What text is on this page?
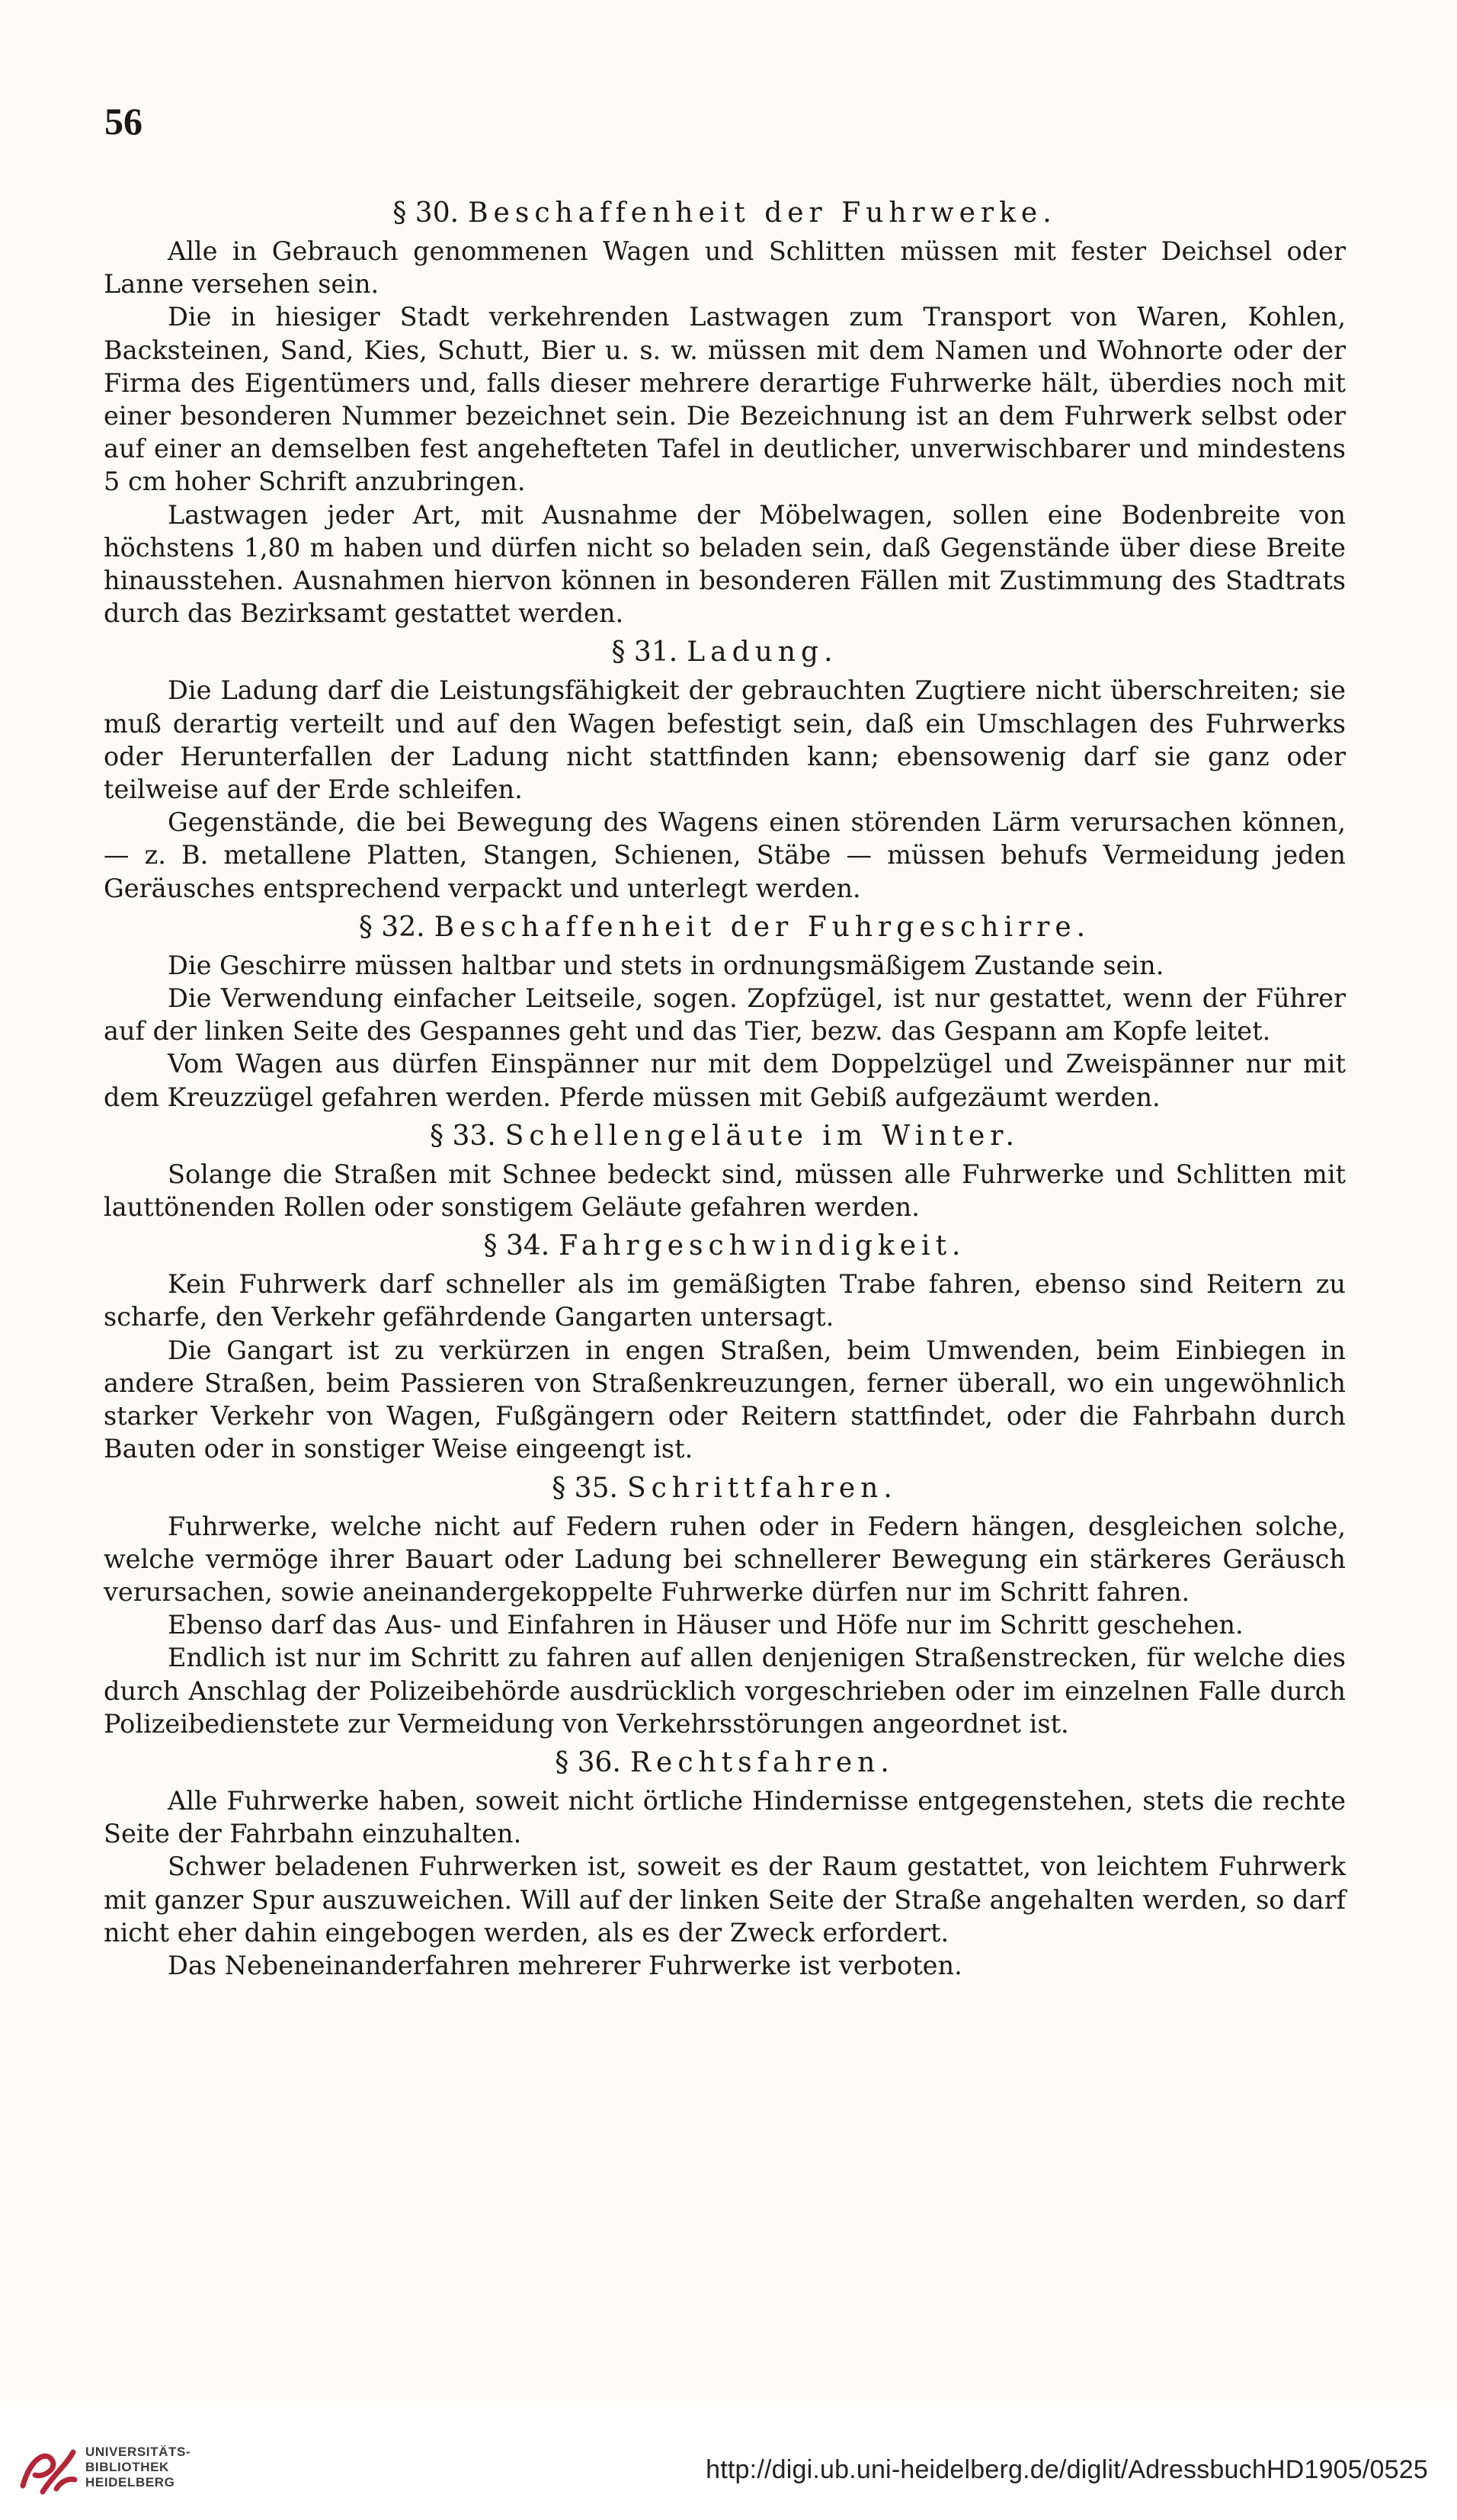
56
§ 30. Beschaffenheit der Fuhrwerke.

Alle in Gebrauch genommenen Wagen und Schlitten müssen mit fester Deichsel oder Lanne versehen sein.

Die in hiesiger Stadt verkehrenden Lastwagen zum Transport von Waren, Kohlen, Backsteinen, Sand, Kies, Schutt, Bier u. s. w. müssen mit dem Namen und Wohnorte oder der Firma des Eigentümers und, falls dieser mehrere derartige Fuhrwerke hält, überdies noch mit einer besonderen Nummer bezeichnet sein. Die Bezeichnung ist an dem Fuhrwerk selbst oder auf einer an demselben fest angehefteten Tafel in deutlicher, unverwischbarer und mindestens 5 cm hoher Schrift anzubringen.

Lastwagen jeder Art, mit Ausnahme der Möbelwagen, sollen eine Bodenbreite von höchstens 1,80 m haben und dürfen nicht so beladen sein, daß Gegenstände über diese Breite hinausstehen. Ausnahmen hiervon können in besonderen Fällen mit Zustimmung des Stadtrats durch das Bezirksamt gestattet werden.

§ 31. Ladung.

Die Ladung darf die Leistungsfähigkeit der gebrauchten Zugtiere nicht überschreiten; sie muß derartig verteilt und auf den Wagen befestigt sein, daß ein Umschlagen des Fuhrwerks oder Herunterfallen der Ladung nicht stattfinden kann; ebensowenig darf sie ganz oder teilweise auf der Erde schleifen.

Gegenstände, die bei Bewegung des Wagens einen störenden Lärm verursachen können, — z. B. metallene Platten, Stangen, Schienen, Stäbe — müssen behufs Vermeidung jeden Geräusches entsprechend verpackt und unterlegt werden.

§ 32. Beschaffenheit der Fuhrgeschirre.

Die Geschirre müssen haltbar und stets in ordnungsmäßigem Zustande sein.

Die Verwendung einfacher Leitseile, sogen. Zopfzügel, ist nur gestattet, wenn der Führer auf der linken Seite des Gespannes geht und das Tier, bezw. das Gespann am Kopfe leitet.

Vom Wagen aus dürfen Einspänner nur mit dem Doppelzügel und Zweispänner nur mit dem Kreuzzügel gefahren werden. Pferde müssen mit Gebiß aufgezäumt werden.

§ 33. Schellengeläute im Winter.

Solange die Straßen mit Schnee bedeckt sind, müssen alle Fuhrwerke und Schlitten mit lauttönenden Rollen oder sonstigem Geläute gefahren werden.

§ 34. Fahrgeschwindigkeit.

Kein Fuhrwerk darf schneller als im gemäßigten Trabe fahren, ebenso sind Reitern zu scharfe, den Verkehr gefährdende Gangarten untersagt.

Die Gangart ist zu verkürzen in engen Straßen, beim Umwenden, beim Einbiegen in andere Straßen, beim Passieren von Straßenkreuzungen, ferner überall, wo ein ungewöhnlich starker Verkehr von Wagen, Fußgängern oder Reitern stattfindet, oder die Fahrbahn durch Bauten oder in sonstiger Weise eingeengt ist.

§ 35. Schrittfahren.

Fuhrwerke, welche nicht auf Federn ruhen oder in Federn hängen, desgleichen solche, welche vermöge ihrer Bauart oder Ladung bei schnellerer Bewegung ein stärkeres Geräusch verursachen, sowie aneinandergekoppelte Fuhrwerke dürfen nur im Schritt fahren.

Ebenso darf das Aus- und Einfahren in Häuser und Höfe nur im Schritt geschehen.

Endlich ist nur im Schritt zu fahren auf allen denjenigen Straßenstrecken, für welche dies durch Anschlag der Polizeibehörde ausdrücklich vorgeschrieben oder im einzelnen Falle durch Polizeibedienstete zur Vermeidung von Verkehrsstörungen angeordnet ist.

§ 36. Rechtsfahren.

Alle Fuhrwerke haben, soweit nicht örtliche Hindernisse entgegenstehen, stets die rechte Seite der Fahrbahn einzuhalten.

Schwer beladenen Fuhrwerken ist, soweit es der Raum gestattet, von leichtem Fuhrwerk mit ganzer Spur auszuweichen. Will auf der linken Seite der Straße angehalten werden, so darf nicht eher dahin eingebogen werden, als es der Zweck erfordert.

Das Nebeneinanderfahren mehrerer Fuhrwerke ist verboten.

UNIVERSITÄTS-
BIBLIOTHEK
HEIDELBERG	http://digi.ub.uni-heidelberg.de/diglit/AdressbuchHD1905/0525
